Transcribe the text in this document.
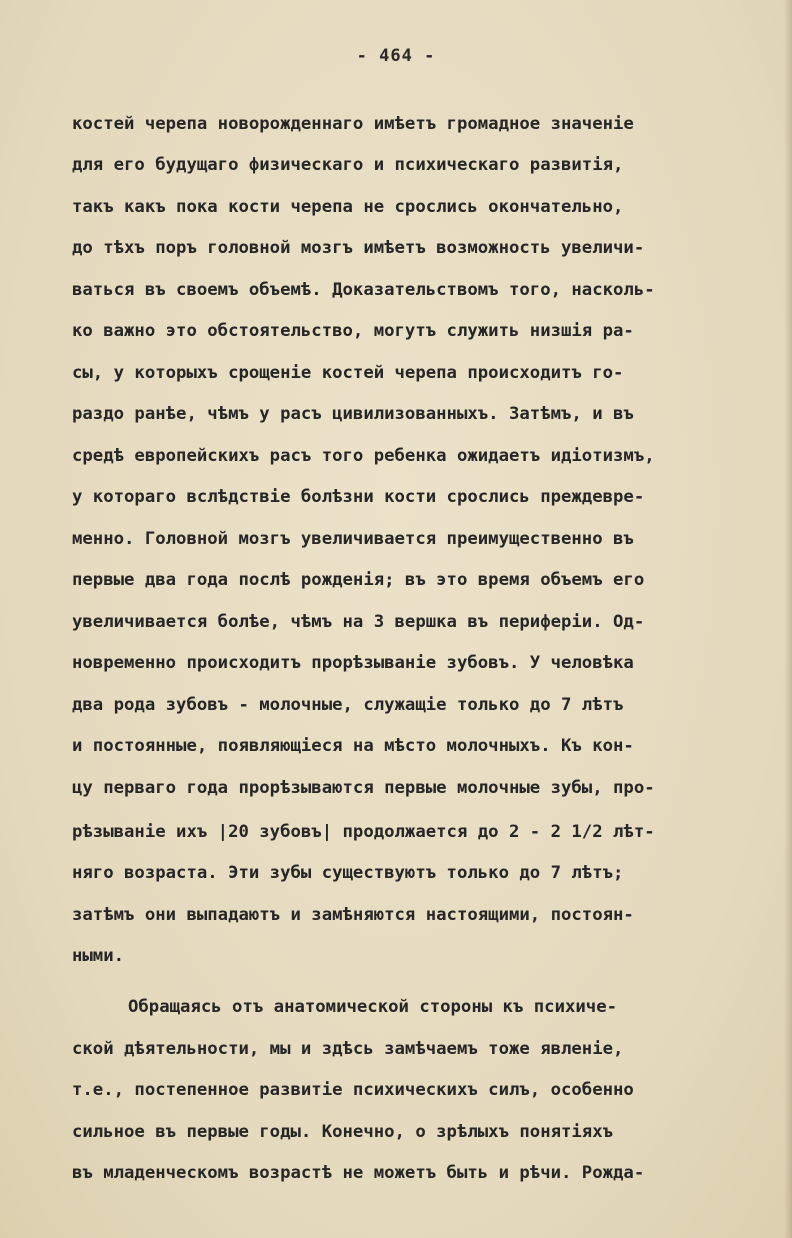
- 464 -
костей черепа новорожденнаго имѣетъ громадное значеніе
для его будущаго физическаго и психическаго развитія,
такъ какъ пока кости черепа не срослись окончательно,
до тѣхъ поръ головной мозгъ имѣетъ возможность увеличи-
ваться въ своемъ объемѣ. Доказательствомъ того, насколь-
ко важно это обстоятельство, могутъ служить низшія ра-
сы, у которыхъ срощеніе костей черепа происходитъ го-
раздо ранѣе, чѣмъ у расъ цивилизованныхъ. Затѣмъ, и въ
средѣ европейскихъ расъ того ребенка ожидаетъ идіотизмъ,
у котораго вслѣдствіе болѣзни кости срослись преждевре-
менно. Головной мозгъ увеличивается преимущественно въ
первые два года послѣ рожденія; въ это время объемъ его
увеличивается болѣе, чѣмъ на 3 вершка въ периферіи. Од-
новременно происходитъ прорѣзываніе зубовъ. У человѣка
два рода зубовъ - молочные, служащіе только до 7 лѣтъ
и постоянные, появляющіеся на мѣсто молочныхъ. Къ кон-
цу перваго года прорѣзываются первые молочные зубы, про-
рѣзываніе ихъ |20 зубовъ| продолжается до 2 - 2 1/2 лѣт-
няго возраста. Эти зубы существуютъ только до 7 лѣтъ;
затѣмъ они выпадаютъ и замѣняются настоящими, постоян-
ными.
Обращаясь отъ анатомической стороны къ психиче-
ской дѣятельности, мы и здѣсь замѣчаемъ тоже явленіе,
т.е., постепенное развитіе психическихъ силъ, особенно
сильное въ первые годы. Конечно, о зрѣлыхъ понятіяхъ
въ младенческомъ возрастѣ не можетъ быть и рѣчи. Рожда-
